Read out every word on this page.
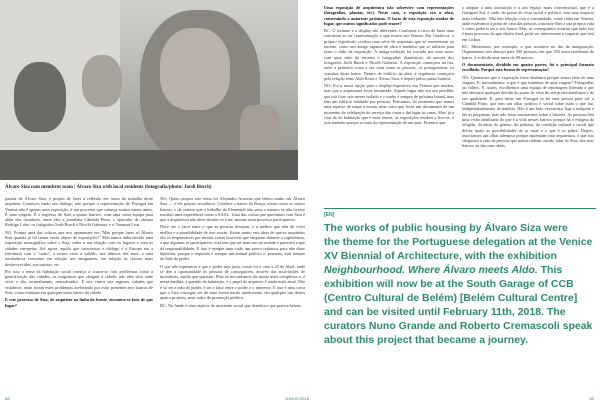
Álvaro Siza com membros team | Álvaro Siza with local residents (fotografia/photo: Jordi Burch)

parada de Álvaro Siza, é propôs de fazer a reflexão em torno do trabalho deste arquiteto. Começou então um diálogo, não porque a representação de Portugal em Veneza não é apenas uma exposição, é um processo que começa muitos meses antes. É uma viagem. É o regresso de Siza a quatro bairros, com uma vasta equipa para além dos curadores, entre eles a jornalista Cândida Pinto, o operador de câmara Rodrigo Lobo, os fotógrafos Jordi Burch e Nicolò Galeazzi, e o Vasamar Cruz.

NG: Porque uma das críticas que nos apontavam era "Mas porque fazer só Álvaro Siza quando já foi tantas vezes objeto de exposições?" Mas nunca tinha havido uma exposição monográfica sobre o Siza, sobre a sua relação com os lugares e com as cidades europeias. Até agora, aquilo que caracteriza o diálogo é a Europa era a tolerância com o "outro", e temos visto a solidão, nos últimos dez anos, a uma intolerância crescente em relação aos emigrantes, em relação às classes mais desfavorecidas, aos turistas, etc.

Por isso o tema da habitação social começa a cruzar-se com problemas como a gentrificação das cidades, os imigrantes que chegam à cidade, não têm sítio onde viver e são, normalmente, centralizados. E nós vimos nos regimes cidades que visitámos, onde foram estes problemas acelerando por estar presentes nos bairros de Siza, como estariam em qualquer outro bairro da cidade.

E este processo de Siza, de arquiteto na linha da frente, encontra-se fora de que lugar?

NG: Quem propos este tema foi Alejandro Aravena que bebeu muito em Álvaro Siza — e ele próprio reconhece. Conhece o bairro da Bouça, assim como os outros bairros, e de certeza que o trabalho do Elemental não seria o mesmo se não tivesse existido uma experiência como a SAAL. Uma das coisas que queríamos com Siza é que a arquitetura não deve demitir-se e ser, mesmo num processo participativo.

Deve ser o fator entre o que as pessoas desejam, e a melhor que têm de viver melhor e a possibilidade de isso existir. Existe muito esta ideia de que os arquitetos são os responsáveis por muitas coisas horríveis que surgiram durante o capitalismo, a que algumas se participativo, está tem que ser mais um no mundo e parecerá a que dá responsabilidade. E isso é sempre uma visão um pouco redutora, para não dizer hipócrita, porque o arquiteto é sempre um animal político e, portanto, está sempre do lado do poder.

O que não esperamos é que o poder seja justo, como foi o caso a 25 de Abril, onde se deu a oportunidade às pessoas de conseguirem, através das associações de moradores, aquilo que queriam. Hoje os mecanismos são muito mais complexos e, é nessa medida, a questão da habitação, e o papel do arquiteto é ainda mais atual. Não é só ser a mão do poder, é ser o fator entre o poder e o interesse. E isso é uma coisa que o Siza consegue ser de uma forma muito interessante, em qualquer um destes quatro projetos, nem todos de promoção pública.

RC: No fundo é uma espécie de assistente social que desenha e que pratica beleza.

Uma exposição de arquitetura não sobrevive com representações (fotografias, plantas, etc). Neste caso, a exposição era a obra, construindo o autorizar próximo. O facto de esta exposição mudar de lugar, que outros significados pode trazer?

RC: O formato e o display são diferentes. Conforme o risco de fazer uma caricatura ao ter representação o que estava em Veneza. Em Guidecca, o próprio espetáculo recebia uma série de materiais que se remetessem ao terreno, como um antigo tapume de obra e madeira que se utilizou para fazer o chão da exposição. A antiga-vedação foi trocada por uma nova, com uma série de retratos e fotografias domésticas, da autoria dos fotógrafos Jordi Burch e Nicolò Galeazzi. A exposição começava na rua, onde a primeira coisa a ser vista eram as pessoas, os protagonistas, os vizinhos deste bairro. Dentro do edifício da obra, a sequência começava pela relação entre Aldo Rossi e Álvaro Siza, e depois pelos quatro bairros.

NG: Foi a nossa opção para o display-expositivo em Veneza que mudou, mas que a arquitetura fosse terminada. Aquele lugar não era um pavilhão que iria ficar seis meses isolado e o sonho é sempre de próxima bienal, mas tem um edifício habitado por pessoas. Pensamos, do momento que temos uma espécie de mapa a escala, uma coisa que fosse um documento de um momento de celebração do serviço das casas e daí lugar às casas. Mas, já a casa de da habitação que é estar temos, as exposições tendem a fixo-se, e esta também porque se trata da representação de um país. Fizemos que

a adaptar a uma instituição e a um espaço mais convencional, que é a Garagem Sul, é onde, do ponto de vista social e político, tem uma impacto mais reduzido. Não tem relação com a comunidade, como tinha em Veneza, onde estávamos à porta de casa das pessoas a mostrar-lhes a sua própria vida e como poderia ser o seu futuro. Mas, se conseguimos mostrar que tudo isto é mais processo do que objeto final, pode ser interessante o impacto que terá em Lisboa.

RC: Mostramos, por exemplo, o que acontece no dia da inauguração. Organizámos um almoço para 500 pessoas, em que 350 eram residentes do bairro, à volta de uma mesa de 80 metros.

O documentário, dividido em quatro partes, foi o principal formato escolhido. Porquê esta forma de representação?

NG: Queríamos que a exposição fosse dinâmica porque temos falar de uma viagem. E, normalmente, o que é que trazemos de uma viagem? Fotografias ou vídeos. E, assim, escolhemos uma equipa de reportagem liberada a que não deixasse qualquer dúvida do ponto de vista do seu profissionalismo e da sua qualidade. E, para mim, em Portugal só há uma pessoa para tal: a Cândida Pinto, que tem um olhar político e social sobre tudo o que faz, independentemente de matéria. Não é um lado voyeurista: liga a máquina e faz as perguntas, mas não fosse mostrarmos sobre a história. As pessoas têm uma visão idealizada do que é a vida nesses bairros porque há o estigma da religião, da etnia, do género, da pobreza, da condição cultural e social que define quais as possibilidades de se estar e o que é se pobre. Depois, associamos um olhar talentoso porque aguentam uma arquitetura, o que isto chegaram a casa de pessoas que nunca tinham ouvido falar do Siza, dos seus bairros ou das suas obras.

[EN]
The works of public housing by Álvaro Siza were
the theme for the Portuguese delegation at the Venice
XV Biennial of Architecture, with the exhibition
Neighbourhood. Where Álvaro meets Aldo. This
exhibition will now be at the South Garage of CCB
(Centro Cultural de Belém) [Belém Cultural Centre]
and can be visited until February 11th, 2018. The
curators Nuno Grande and Roberto Cremascoli speak
about this project that became a journey.
88	JUNHO 2018	89
